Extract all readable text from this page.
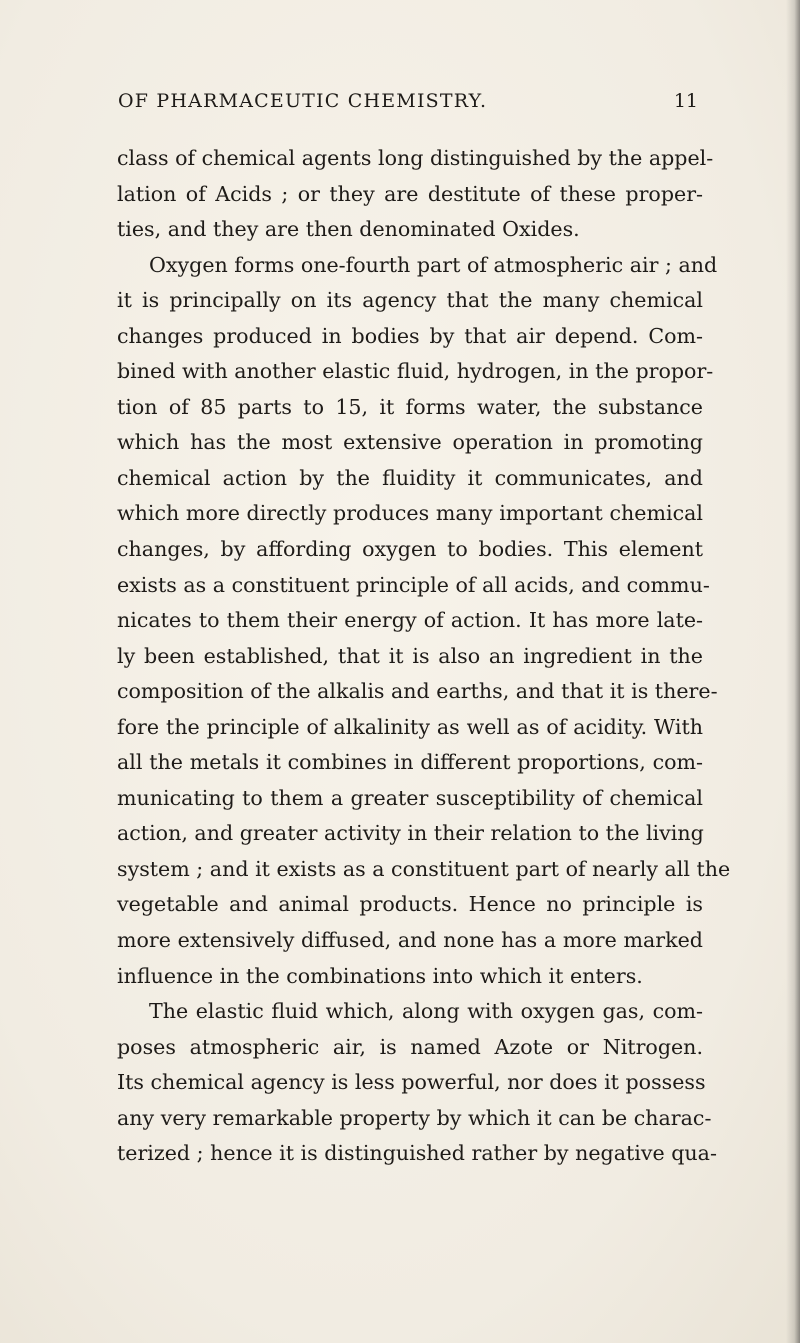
OF PHARMACEUTIC CHEMISTRY.	11
class of chemical agents long distinguished by the appel-
lation of Acids ; or they are destitute of these proper-
ties, and they are then denominated Oxides.
Oxygen forms one-fourth part of atmospheric air ; and
it is principally on its agency that the many chemical
changes produced in bodies by that air depend. Com-
bined with another elastic fluid, hydrogen, in the propor-
tion of 85 parts to 15, it forms water, the substance
which has the most extensive operation in promoting
chemical action by the fluidity it communicates, and
which more directly produces many important chemical
changes, by affording oxygen to bodies. This element
exists as a constituent principle of all acids, and commu-
nicates to them their energy of action. It has more late-
ly been established, that it is also an ingredient in the
composition of the alkalis and earths, and that it is there-
fore the principle of alkalinity as well as of acidity. With
all the metals it combines in different proportions, com-
municating to them a greater susceptibility of chemical
action, and greater activity in their relation to the living
system ; and it exists as a constituent part of nearly all the
vegetable and animal products. Hence no principle is
more extensively diffused, and none has a more marked
influence in the combinations into which it enters.
The elastic fluid which, along with oxygen gas, com-
poses atmospheric air, is named Azote or Nitrogen.
Its chemical agency is less powerful, nor does it possess
any very remarkable property by which it can be charac-
terized ; hence it is distinguished rather by negative qua-
